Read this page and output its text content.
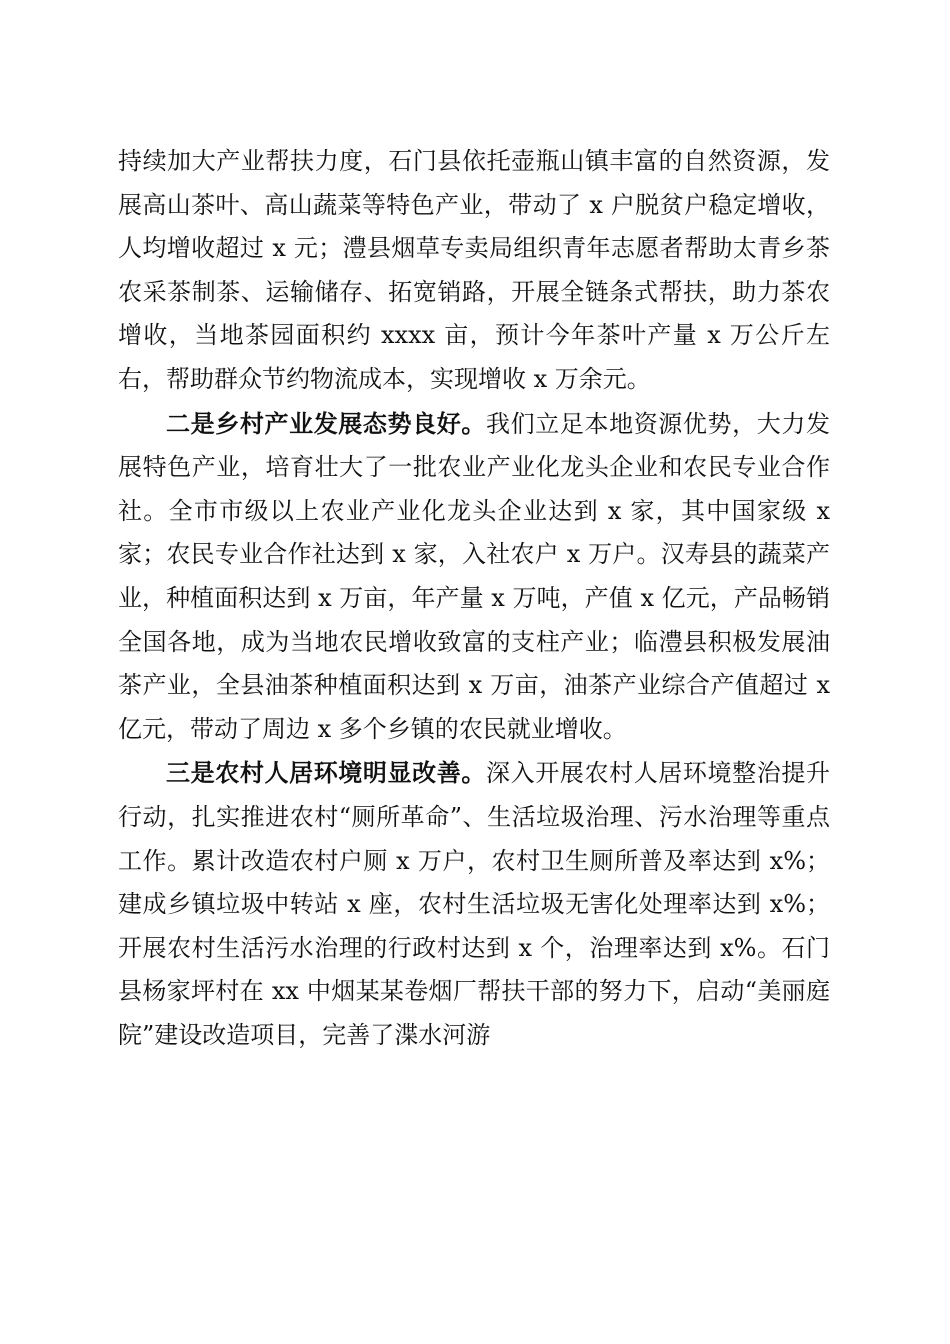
持续加大产业帮扶力度，石门县依托壶瓶山镇丰富的自然资源，发展高山茶叶、高山蔬菜等特色产业，带动了 x 户脱贫户稳定增收，人均增收超过 x 元；澧县烟草专卖局组织青年志愿者帮助太青乡茶农采茶制茶、运输储存、拓宽销路，开展全链条式帮扶，助力茶农增收，当地茶园面积约 xxxx 亩，预计今年茶叶产量 x 万公斤左右，帮助群众节约物流成本，实现增收 x 万余元。

二是乡村产业发展态势良好。我们立足本地资源优势，大力发展特色产业，培育壮大了一批农业产业化龙头企业和农民专业合作社。全市市级以上农业产业化龙头企业达到 x 家，其中国家级 x 家；农民专业合作社达到 x 家，入社农户 x 万户。汉寿县的蔬菜产业，种植面积达到 x 万亩，年产量 x 万吨，产值 x 亿元，产品畅销全国各地，成为当地农民增收致富的支柱产业；临澧县积极发展油茶产业，全县油茶种植面积达到 x 万亩，油茶产业综合产值超过 x 亿元，带动了周边 x 多个乡镇的农民就业增收。

三是农村人居环境明显改善。深入开展农村人居环境整治提升行动，扎实推进农村“厕所革命”、生活垃圾治理、污水治理等重点工作。累计改造农村户厕 x 万户，农村卫生厕所普及率达到 x%；建成乡镇垃圾中转站 x 座，农村生活垃圾无害化处理率达到 x%；开展农村生活污水治理的行政村达到 x 个，治理率达到 x%。石门县杨家坪村在 xx 中烟某某卷烟厂帮扶干部的努力下，启动“美丽庭院”建设改造项目，完善了渫水河游
